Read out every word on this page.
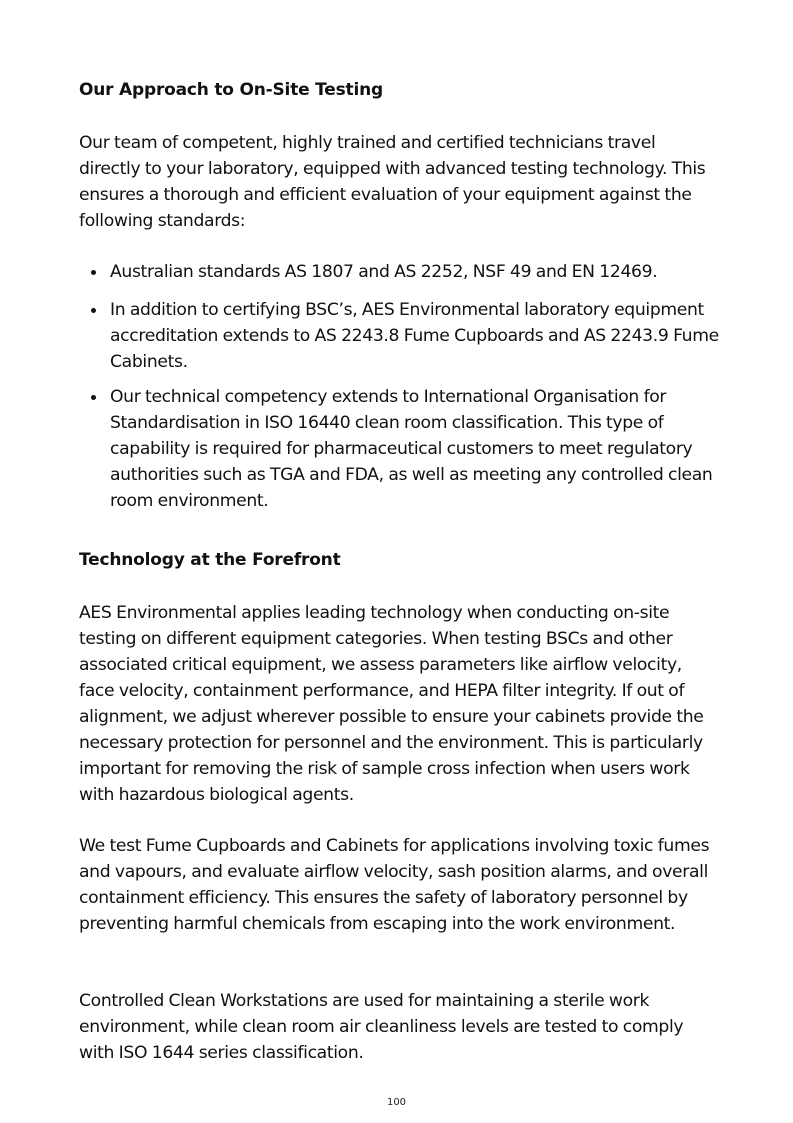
Our Approach to On-Site Testing

Our team of competent, highly trained and certified technicians travel directly to your laboratory, equipped with advanced testing technology. This ensures a thorough and efficient evaluation of your equipment against the following standards:

Australian standards AS 1807 and AS 2252, NSF 49 and EN 12469.
In addition to certifying BSC’s, AES Environmental laboratory equipment accreditation extends to AS 2243.8 Fume Cupboards and AS 2243.9 Fume Cabinets.
Our technical competency extends to International Organisation for Standardisation in ISO 16440 clean room classification. This type of capability is required for pharmaceutical customers to meet regulatory authorities such as TGA and FDA, as well as meeting any controlled clean room environment.
Technology at the Forefront

AES Environmental applies leading technology when conducting on-site testing on different equipment categories. When testing BSCs and other associated critical equipment, we assess parameters like airflow velocity, face velocity, containment performance, and HEPA filter integrity. If out of alignment, we adjust wherever possible to ensure your cabinets provide the necessary protection for personnel and the environment. This is particularly important for removing the risk of sample cross infection when users work with hazardous biological agents.

We test Fume Cupboards and Cabinets for applications involving toxic fumes and vapours, and evaluate airflow velocity, sash position alarms, and overall containment efficiency. This ensures the safety of laboratory personnel by preventing harmful chemicals from escaping into the work environment.

Controlled Clean Workstations are used for maintaining a sterile work environment, while clean room air cleanliness levels are tested to comply with ISO 1644 series classification.

100
